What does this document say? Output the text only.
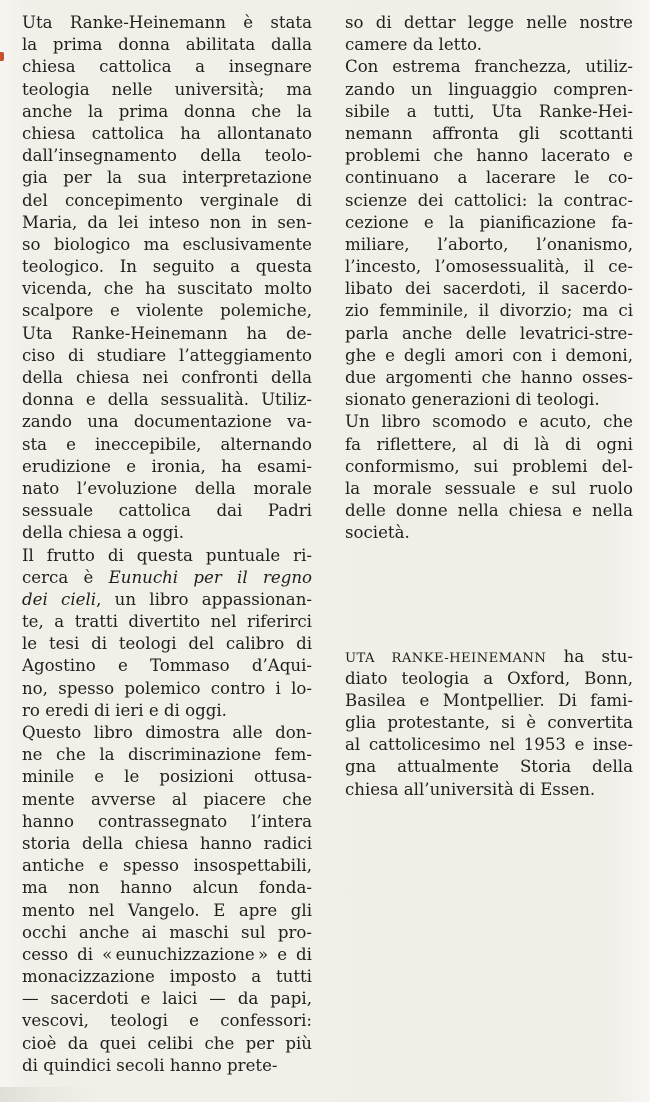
Uta Ranke-Heinemann è stata
la prima donna abilitata dalla
chiesa cattolica a insegnare
teologia nelle università; ma
anche la prima donna che la
chiesa cattolica ha allontanato
dall’insegnamento della teolo-
gia per la sua interpretazione
del concepimento verginale di
Maria, da lei inteso non in sen-
so biologico ma esclusivamente
teologico. In seguito a questa
vicenda, che ha suscitato molto
scalpore e violente polemiche,
Uta Ranke-Heinemann ha de-
ciso di studiare l’atteggiamento
della chiesa nei confronti della
donna e della sessualità. Utiliz-
zando una documentazione va-
sta e ineccepibile, alternando
erudizione e ironia, ha esami-
nato l’evoluzione della morale
sessuale cattolica dai Padri
della chiesa a oggi.
Il frutto di questa puntuale ri-
cerca è Eunuchi per il regno
dei cieli, un libro appassionan-
te, a tratti divertito nel riferirci
le tesi di teologi del calibro di
Agostino e Tommaso d’Aqui-
no, spesso polemico contro i lo-
ro eredi di ieri e di oggi.
Questo libro dimostra alle don-
ne che la discriminazione fem-
minile e le posizioni ottusa-
mente avverse al piacere che
hanno contrassegnato l’intera
storia della chiesa hanno radici
antiche e spesso insospettabili,
ma non hanno alcun fonda-
mento nel Vangelo. E apre gli
occhi anche ai maschi sul pro-
cesso di « eunuchizzazione » e di
monacizzazione imposto a tutti
— sacerdoti e laici — da papi,
vescovi, teologi e confessori:
cioè da quei celibi che per più
di quindici secoli hanno prete-
so di dettar legge nelle nostre
camere da letto.
Con estrema franchezza, utiliz-
zando un linguaggio compren-
sibile a tutti, Uta Ranke-Hei-
nemann affronta gli scottanti
problemi che hanno lacerato e
continuano a lacerare le co-
scienze dei cattolici: la contrac-
cezione e la pianificazione fa-
miliare, l’aborto, l’onanismo,
l’incesto, l’omosessualità, il ce-
libato dei sacerdoti, il sacerdo-
zio femminile, il divorzio; ma ci
parla anche delle levatrici-stre-
ghe e degli amori con i demoni,
due argomenti che hanno osses-
sionato generazioni di teologi.
Un libro scomodo e acuto, che
fa riflettere, al di là di ogni
conformismo, sui problemi del-
la morale sessuale e sul ruolo
delle donne nella chiesa e nella
società.
UTA RANKE-HEINEMANN ha stu-
diato teologia a Oxford, Bonn,
Basilea e Montpellier. Di fami-
glia protestante, si è convertita
al cattolicesimo nel 1953 e inse-
gna attualmente Storia della
chiesa all’università di Essen.
